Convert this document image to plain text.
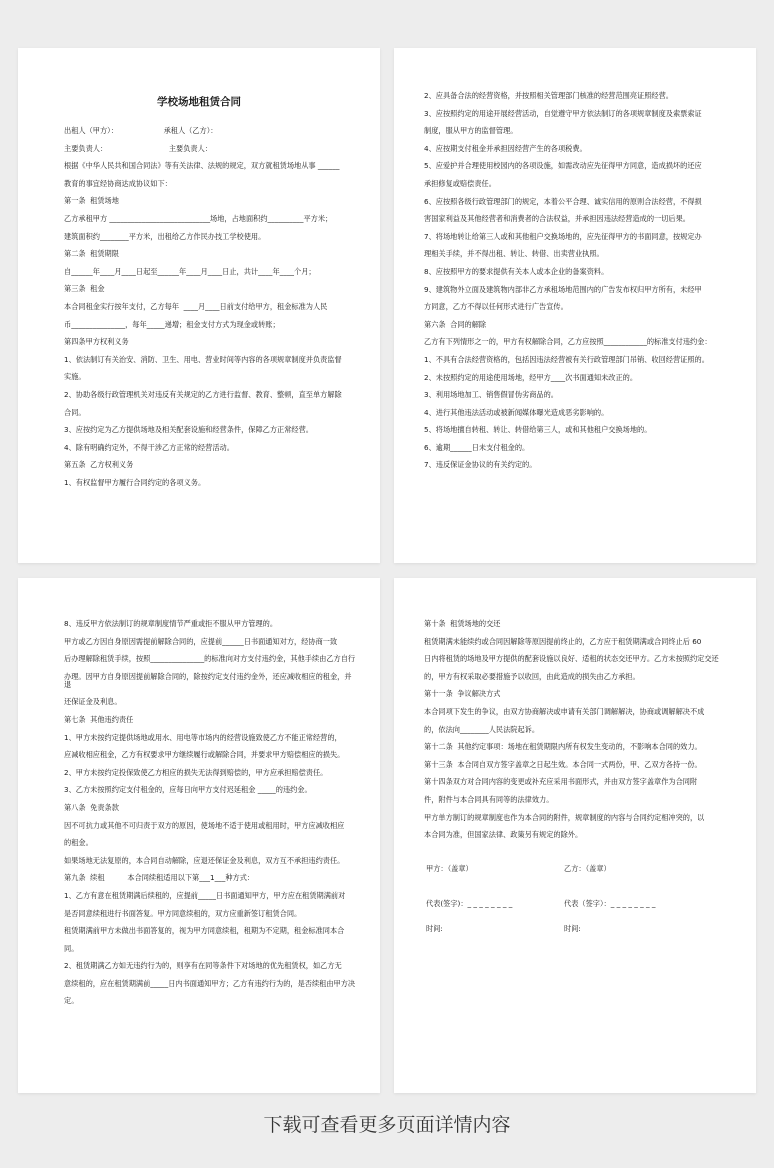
学校场地租赁合同
出租人（甲方）：                    承租人（乙方）：
主要负责人：                           主要负责人：
根据《中华人民共和国合同法》等有关法律、法规的规定，双方就租赁场地从事 ______
教育的事宜经协商达成协议如下：
第一条  租赁场地
乙方承租甲方 ____________________________场地，占地面积约__________平方米；
建筑面积约________平方米，出租给乙方作民办技工学校使用。
第二条  租赁期限
自______年____月____日起至______年____月____日止，共计____年____个月；
第三条  租金
本合同租金实行按年支付，乙方每年  ____月____日前支付给甲方，租金标准为人民
币_______________，每年_____递增；租金支付方式为现金或转账；
第四条甲方权利义务
1、依法制订有关治安、消防、卫生、用电、营业时间等内容的各项规章制度并负责监督
实施。
2、协助各级行政管理机关对违反有关规定的乙方进行监督、教育、整顿，直至单方解除
合同。
3、应按约定为乙方提供场地及相关配套设施和经营条件，保障乙方正常经营。
4、除有明确约定外，不得干涉乙方正常的经营活动。
第五条  乙方权利义务
1、有权监督甲方履行合同约定的各项义务。
2、应具备合法的经营资格，并按照相关管理部门核准的经营范围亮证照经营。
3、应按照约定的用途开展经营活动，自觉遵守甲方依法制订的各项规章制度及索票索证
制度，服从甲方的监督管理。
4、应按期支付租金并承担因经营产生的各项税费。
5、应爱护并合理使用校园内的各项设施，如需改动应先征得甲方同意，造成损坏的还应
承担修复或赔偿责任。
6、应按照各级行政管理部门的规定，本着公平合理、诚实信用的原则合法经营，不得损
害国家利益及其他经营者和消费者的合法权益，并承担因违法经营造成的一切后果。
7、将场地转让给第三人或和其他租户交换场地的，应先征得甲方的书面同意，按规定办
理相关手续，并不得出租、转让、转借、出卖营业执照。
8、应按照甲方的要求提供有关本人或本企业的备案资料。
9、建筑物外立面及建筑物内部非乙方承租场地范围内的广告发布权归甲方所有，未经甲
方同意，乙方不得以任何形式进行广告宣传。
第六条  合同的解除
乙方有下列情形之一的，甲方有权解除合同，乙方应按照____________的标准支付违约金：
1、不具有合法经营资格的，包括因违法经营被有关行政管理部门吊销、收回经营证照的。
2、未按照约定的用途使用场地，经甲方____次书面通知未改正的。
3、利用场地加工、销售假冒伪劣商品的。
4、进行其他违法活动或被新闻媒体曝光造成恶劣影响的。
5、将场地擅自转租、转让、转借给第三人，或和其他租户交换场地的。
6、逾期______日未支付租金的。
7、违反保证金协议的有关约定的。
8、违反甲方依法制订的规章制度情节严重或拒不服从甲方管理的。
甲方或乙方因自身原因需提前解除合同的，应提前______日书面通知对方，经协商一致
后办理解除租赁手续，按照_______________的标准向对方支付违约金，其他手续由乙方自行
办理。因甲方自身原因提前解除合同的，除按约定支付违约金外，还应减收相应的租金，并退
还保证金及利息。
第七条  其他违约责任
1、甲方未按约定提供场地或用水、用电等市场内的经营设施致使乙方不能正常经营的，
应减收相应租金，乙方有权要求甲方继续履行或解除合同，并要求甲方赔偿相应的损失。
2、甲方未按约定投保致使乙方相应的损失无法得到赔偿的，甲方应承担赔偿责任。
3、乙方未按照约定支付租金的，应每日向甲方支付迟延租金 _____的违约金。
第八条  免责条款
因不可抗力或其他不可归责于双方的原因，使场地不适于使用或租用时，甲方应减收相应
的租金。
如果场地无法复原的，本合同自动解除，应退还保证金及利息，双方互不承担违约责任。
第九条  续租          本合同续租适用以下第___1___种方式：
1、乙方有意在租赁期满后续租的，应提前_____日书面通知甲方，甲方应在租赁期满前对
是否同意续租进行书面答复。甲方同意续租的，双方应重新签订租赁合同。
租赁期满前甲方未做出书面答复的，视为甲方同意续租，租期为不定期，租金标准同本合
同。
2、租赁期满乙方如无违约行为的，则享有在同等条件下对场地的优先租赁权，如乙方无
意续租的，应在租赁期满前_____日内书面通知甲方；乙方有违约行为的，是否续租由甲方决
定。
第十条  租赁场地的交还
租赁期满未能续约或合同因解除等原因提前终止的，乙方应于租赁期满或合同终止后 60
日内将租赁的场地及甲方提供的配套设施以良好、适租的状态交还甲方。乙方未按照约定交还
的，甲方有权采取必要措施予以收回，由此造成的损失由乙方承担。
第十一条  争议解决方式
本合同项下发生的争议，由双方协商解决或申请有关部门调解解决，协商或调解解决不成
的，依法向________人民法院起诉。
第十二条  其他约定事项：场地在租赁期限内所有权发生变动的，不影响本合同的效力。
第十三条  本合同自双方签字盖章之日起生效。本合同一式两份，甲、乙双方各持一份。
第十四条双方对合同内容的变更或补充应采用书面形式，并由双方签字盖章作为合同附
件，附件与本合同具有同等的法律效力。
甲方单方制订的规章制度也作为本合同的附件，规章制度的内容与合同约定相冲突的，以
本合同为准，但国家法律、政策另有规定的除外。
甲方：（盖章）	乙方：（盖章）
代表(签字)：_ _ _ _ _ _ _ _	代表（签字）：_ _ _ _ _ _ _ _
时间:	时间:
下载可查看更多页面详情内容
